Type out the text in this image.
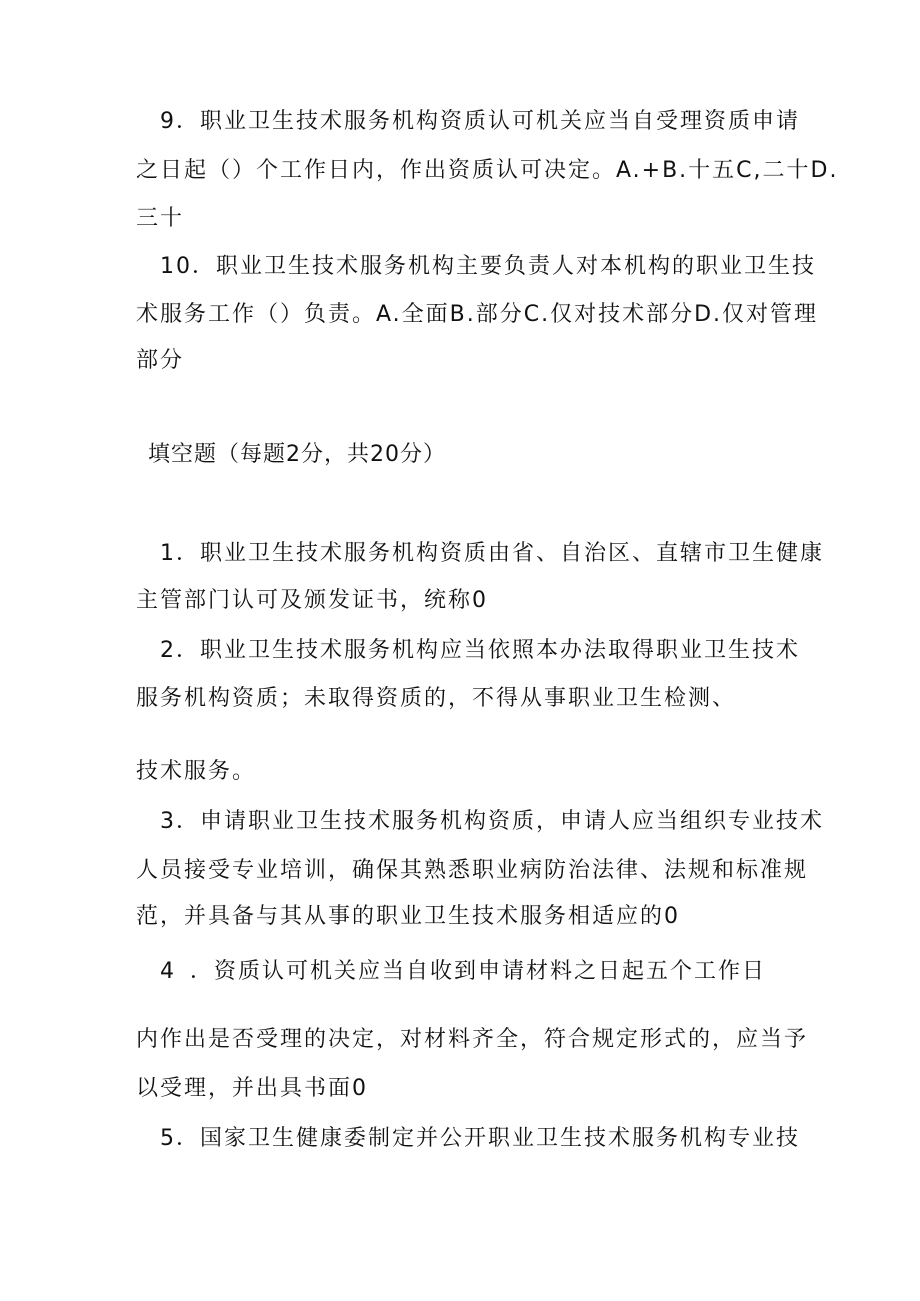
9．职业卫生技术服务机构资质认可机关应当自受理资质申请

之日起（）个工作日内，作出资质认可决定。A.+B.十五C,二十D.

三十

10．职业卫生技术服务机构主要负责人对本机构的职业卫生技

术服务工作（）负责。A.全面B.部分C.仅对技术部分D.仅对管理

部分

填空题（每题2分，共20分）

1．职业卫生技术服务机构资质由省、自治区、直辖市卫生健康

主管部门认可及颁发证书，统称0

2．职业卫生技术服务机构应当依照本办法取得职业卫生技术

服务机构资质；未取得资质的，不得从事职业卫生检测、

技术服务。

3．申请职业卫生技术服务机构资质，申请人应当组织专业技术

人员接受专业培训，确保其熟悉职业病防治法律、法规和标准规

范，并具备与其从事的职业卫生技术服务相适应的0

4 ．资质认可机关应当自收到申请材料之日起五个工作日

内作出是否受理的决定，对材料齐全，符合规定形式的，应当予

以受理，并出具书面0

5．国家卫生健康委制定并公开职业卫生技术服务机构专业技
